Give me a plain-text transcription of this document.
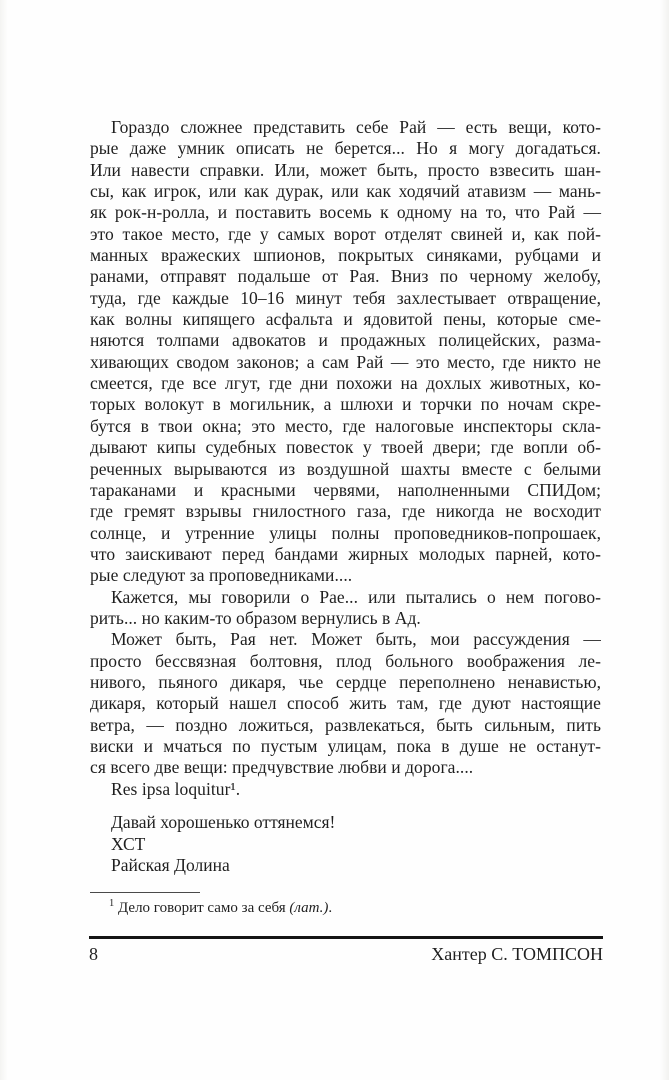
Гораздо сложнее представить себе Рай — есть вещи, кото-
рые даже умник описать не берется... Но я могу догадаться.
Или навести справки. Или, может быть, просто взвесить шан-
сы, как игрок, или как дурак, или как ходячий атавизм — мань-
як рок-н-ролла, и поставить восемь к одному на то, что Рай —
это такое место, где у самых ворот отделят свиней и, как пой-
манных вражеских шпионов, покрытых синяками, рубцами и
ранами, отправят подальше от Рая. Вниз по черному желобу,
туда, где каждые 10–16 минут тебя захлестывает отвращение,
как волны кипящего асфальта и ядовитой пены, которые сме-
няются толпами адвокатов и продажных полицейских, разма-
хивающих сводом законов; а сам Рай — это место, где никто не
смеется, где все лгут, где дни похожи на дохлых животных, ко-
торых волокут в могильник, а шлюхи и торчки по ночам скре-
бутся в твои окна; это место, где налоговые инспекторы скла-
дывают кипы судебных повесток у твоей двери; где вопли об-
реченных вырываются из воздушной шахты вместе с белыми
тараканами и красными червями, наполненными СПИДом;
где гремят взрывы гнилостного газа, где никогда не восходит
солнце, и утренние улицы полны проповедников-попрошаек,
что заискивают перед бандами жирных молодых парней, кото-
рые следуют за проповедниками....
Кажется, мы говорили о Рае... или пытались о нем погово-
рить... но каким-то образом вернулись в Ад.
Может быть, Рая нет. Может быть, мои рассуждения —
просто бессвязная болтовня, плод больного воображения ле-
нивого, пьяного дикаря, чье сердце переполнено ненавистью,
дикаря, который нашел способ жить там, где дуют настоящие
ветра, — поздно ложиться, развлекаться, быть сильным, пить
виски и мчаться по пустым улицам, пока в душе не останут-
ся всего две вещи: предчувствие любви и дорога....
Res ipsa loquitur¹.
Давай хорошенько оттянемся!
ХСТ
Райская Долина
$^1$ Дело говорит само за себя (лат.).
8	Хантер С. ТОМПСОН
